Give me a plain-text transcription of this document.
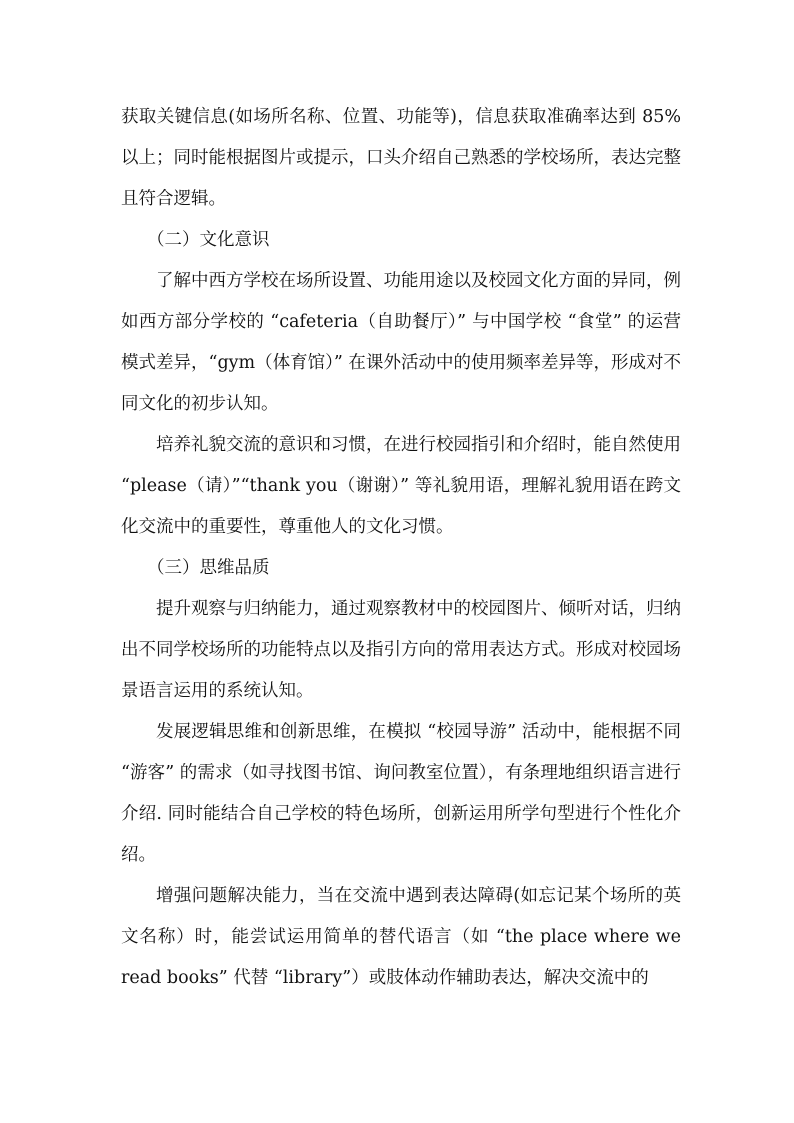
获取关键信息(如场所名称、位置、功能等)，信息获取准确率达到 85% 以上；同时能根据图片或提示，口头介绍自己熟悉的学校场所，表达完整且符合逻辑。

（二）文化意识

了解中西方学校在场所设置、功能用途以及校园文化方面的异同，例如西方部分学校的 “cafeteria（自助餐厅）” 与中国学校 “食堂” 的运营模式差异，“gym（体育馆）” 在课外活动中的使用频率差异等，形成对不同文化的初步认知。

培养礼貌交流的意识和习惯，在进行校园指引和介绍时，能自然使用 “please（请）”“thank you（谢谢）” 等礼貌用语，理解礼貌用语在跨文化交流中的重要性，尊重他人的文化习惯。

（三）思维品质

提升观察与归纳能力，通过观察教材中的校园图片、倾听对话，归纳出不同学校场所的功能特点以及指引方向的常用表达方式。形成对校园场景语言运用的系统认知。

发展逻辑思维和创新思维，在模拟 “校园导游” 活动中，能根据不同 “游客” 的需求（如寻找图书馆、询问教室位置），有条理地组织语言进行介绍. 同时能结合自己学校的特色场所，创新运用所学句型进行个性化介绍。

增强问题解决能力，当在交流中遇到表达障碍(如忘记某个场所的英文名称）时，能尝试运用简单的替代语言（如 “the place where we read books” 代替 “library”）或肢体动作辅助表达，解决交流中的
